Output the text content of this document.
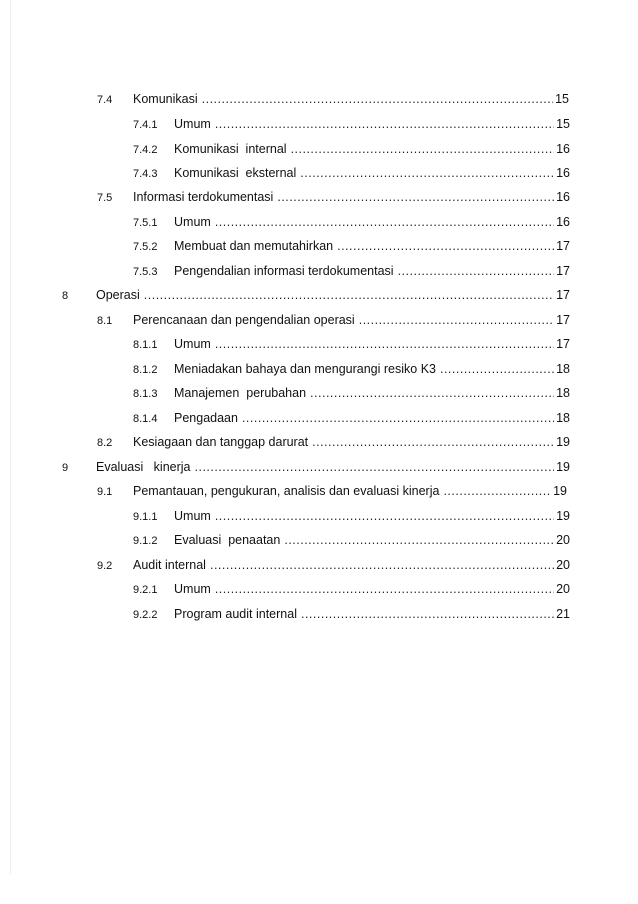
7.4 Komunikasi .....	15
7.4.1 Umum .....	15
7.4.2 Komunikasi  internal .....	16
7.4.3 Komunikasi  eksternal .....	16
7.5 Informasi terdokumentasi .....	16
7.5.1 Umum .....	16
7.5.2 Membuat dan memutahirkan .....	17
7.5.3 Pengendalian informasi terdokumentasi .....	17
8 Operasi .....	17
8.1 Perencanaan dan pengendalian operasi .....	17
8.1.1 Umum .....	17
8.1.2 Meniadakan bahaya dan mengurangi resiko K3 .....	18
8.1.3 Manajemen  perubahan .....	18
8.1.4 Pengadaan .....	18
8.2 Kesiagaan dan tanggap darurat .....	19
9 Evaluasi   kinerja .....	19
9.1 Pemantauan, pengukuran, analisis dan evaluasi kinerja .....	19
9.1.1 Umum .....	19
9.1.2 Evaluasi  penaatan .....	20
9.2 Audit internal .....	20
9.2.1 Umum .....	20
9.2.2 Program audit internal .....	21
